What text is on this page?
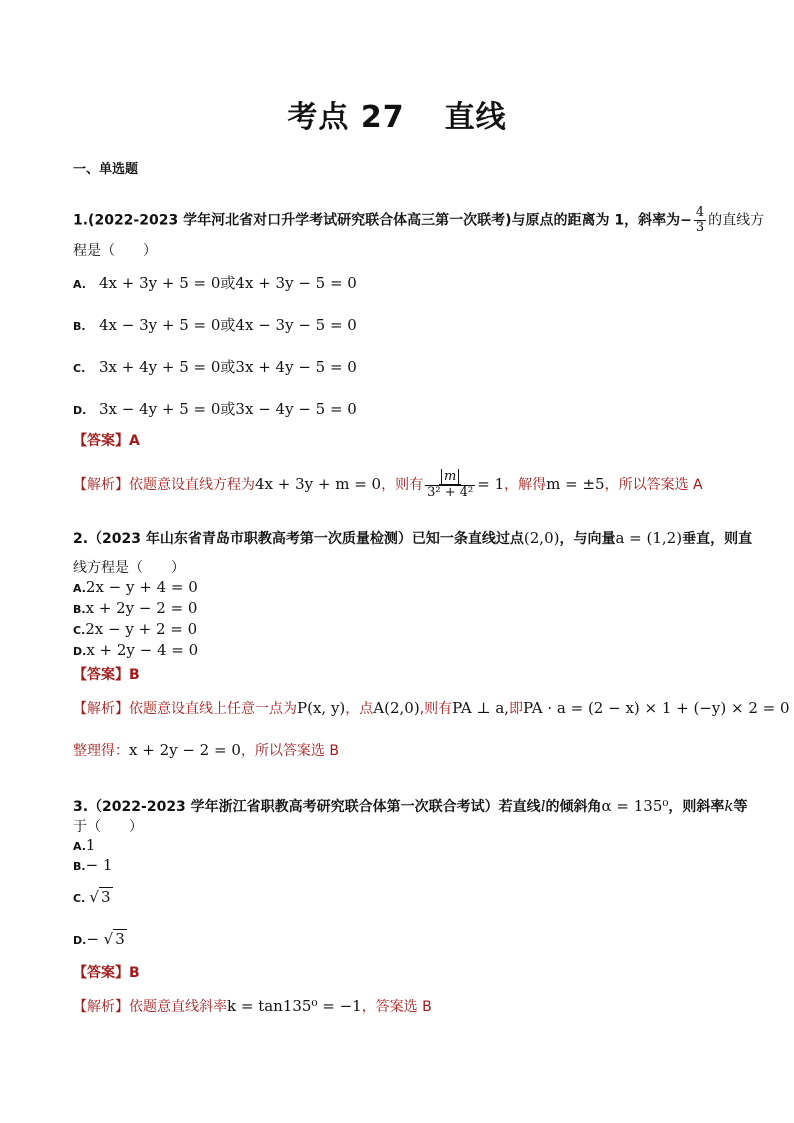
考点 27 直线
一、单选题
1.(2022-2023 学年河北省对口升学考试研究联合体高三第一次联考)与原点的距离为 1，斜率为− $\frac{4}{3}$ 的直线方
程是（　　）
A. 4x + 3y + 5 = 0或4x + 3y − 5 = 0
B. 4x − 3y + 5 = 0或4x − 3y − 5 = 0
C. 3x + 4y + 5 = 0或3x + 4y − 5 = 0
D. 3x − 4y + 5 = 0或3x − 4y − 5 = 0
【答案】A
【解析】依题意设直线方程为4x + 3y + m = 0，则有 $\frac{m}{\text{3² + 4²}} = 1$，解得m = ±5，所以答案选 A
2.（2023 年山东省青岛市职教高考第一次质量检测）已知一条直线过点(2,0)，与向量a = (1,2)垂直，则直
线方程是（　　）
A.2x − y + 4 = 0
B.x + 2y − 2 = 0
C.2x − y + 2 = 0
D.x + 2y − 4 = 0
【答案】B
【解析】依题意设直线上任意一点为P(x, y)，点A(2,0),则有PA ⊥ a,即PA · a = (2 − x) × 1 + (−y) × 2 = 0
整理得：x + 2y − 2 = 0，所以答案选 B
3.（2022-2023 学年浙江省职教高考研究联合体第一次联合考试）若直线l的倾斜角α = 135⁰，则斜率k等
于（　　）
A.1
B.− 1
C. √ 3
D.− √ 3
【答案】B
【解析】依题意直线斜率k = tan135⁰ = −1，答案选 B
